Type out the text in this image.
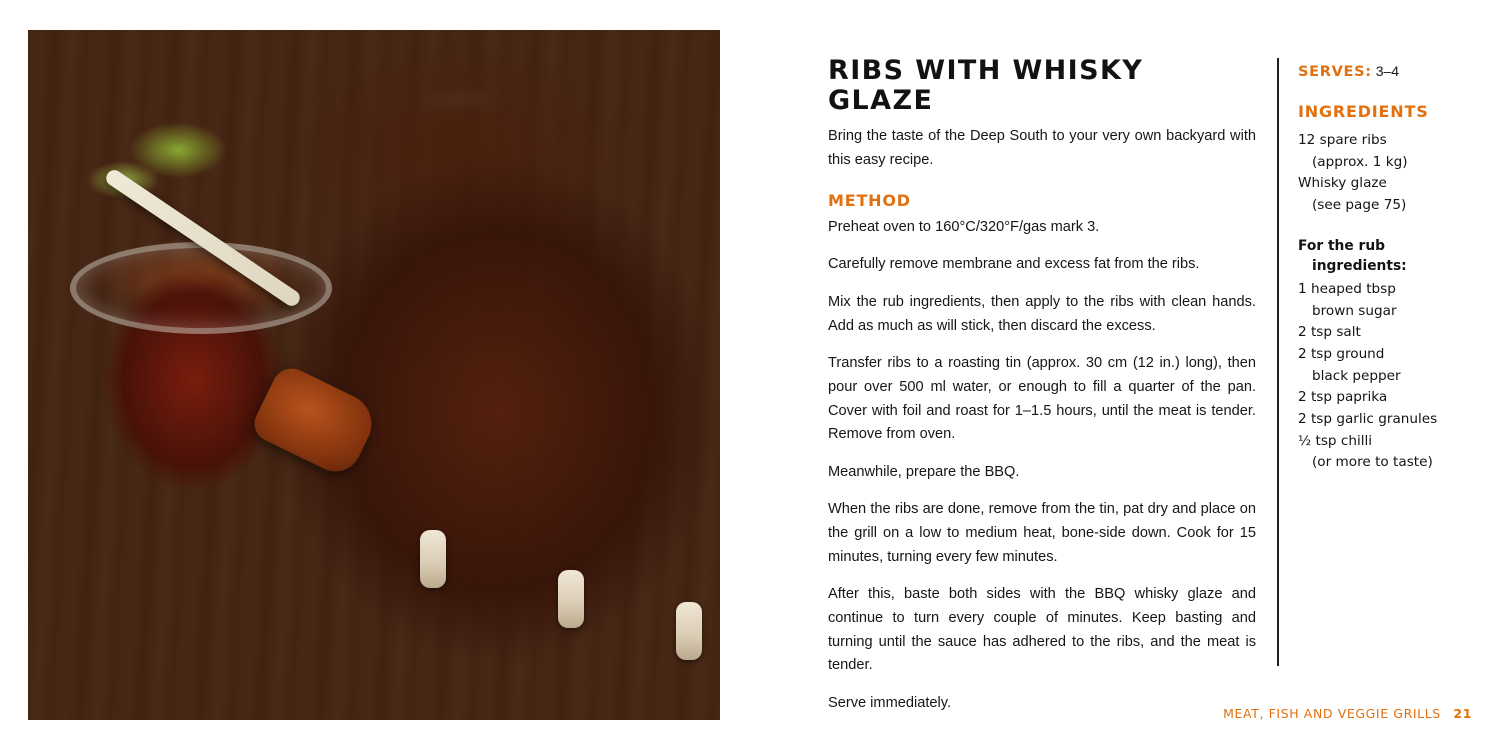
RIBS WITH WHISKY GLAZE

Bring the taste of the Deep South to your very own backyard with this easy recipe.

METHOD

Preheat oven to 160°C/320°F/gas mark 3.

Carefully remove membrane and excess fat from the ribs.

Mix the rub ingredients, then apply to the ribs with clean hands. Add as much as will stick, then discard the excess.

Transfer ribs to a roasting tin (approx. 30 cm (12 in.) long), then pour over 500 ml water, or enough to fill a quarter of the pan. Cover with foil and roast for 1–1.5 hours, until the meat is tender. Remove from oven.

Meanwhile, prepare the BBQ.

When the ribs are done, remove from the tin, pat dry and place on the grill on a low to medium heat, bone-side down. Cook for 15 minutes, turning every few minutes.

After this, baste both sides with the BBQ whisky glaze and continue to turn every couple of minutes. Keep basting and turning until the sauce has adhered to the ribs, and the meat is tender.

Serve immediately.

SERVES: 3–4

INGREDIENTS
12 spare ribs
(approx. 1 kg)
Whisky glaze
(see page 75)
For the rub
ingredients:
1 heaped tbsp
brown sugar
2 tsp salt
2 tsp ground
black pepper
2 tsp paprika
2 tsp garlic granules
½ tsp chilli
(or more to taste)
MEAT, FISH AND VEGGIE GRILLS 21
